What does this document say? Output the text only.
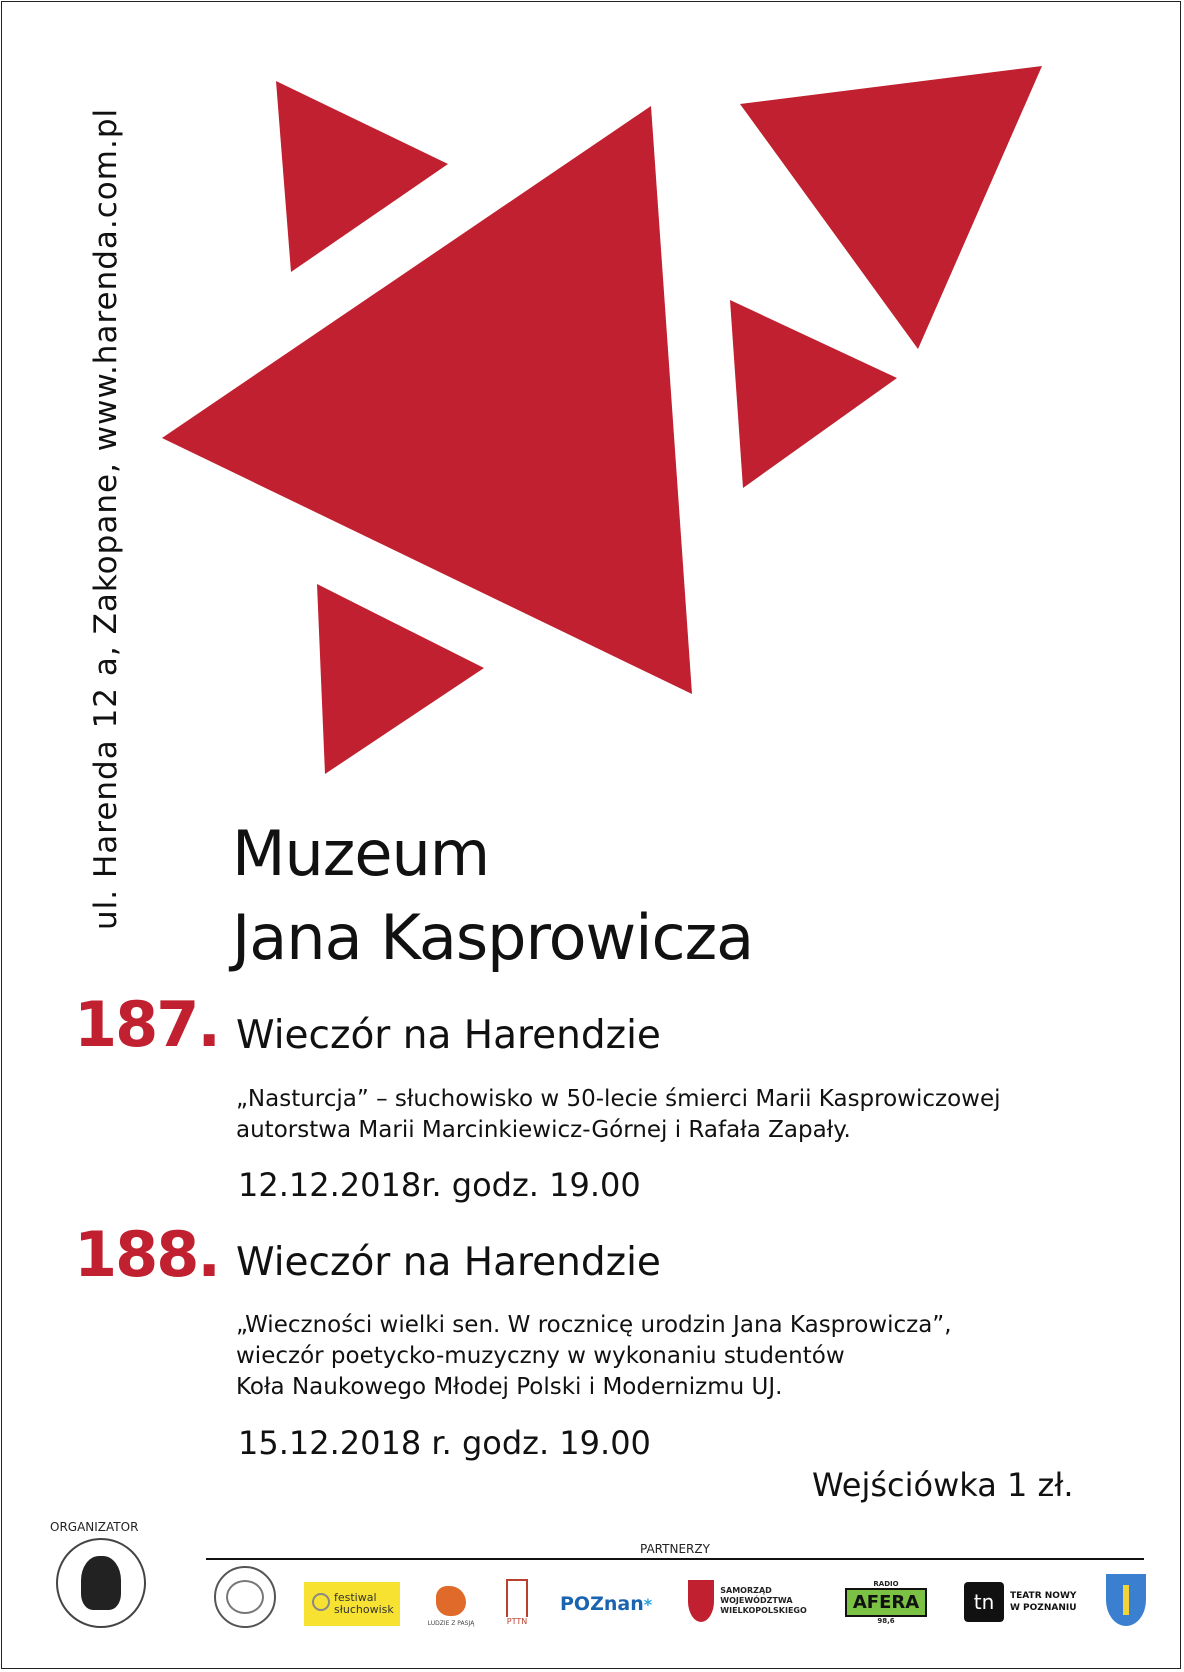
ul. Harenda 12 a, Zakopane, www.harenda.com.pl Muzeum
Jana Kasprowicza
187. Wieczór na Harendzie
„Nasturcja” – słuchowisko w 50-lecie śmierci Marii Kasprowiczowej
autorstwa Marii Marcinkiewicz-Górnej i Rafała Zapały.
12.12.2018r. godz. 19.00
188. Wieczór na Harendzie
„Wieczności wielki sen. W rocznicę urodzin Jana Kasprowicza”,
wieczór poetycko-muzyczny w wykonaniu studentów
Koła Naukowego Młodej Polski i Modernizmu UJ.
15.12.2018 r. godz. 19.00
Wejściówka 1 zł.
ORGANIZATOR
PARTNERZY
festiwal
słuchowisk
LUDZIE Z PASJĄ	PTTN
POZnan *
SAMORZĄD WOJEWÓDZTWA
WIELKOPOLSKIEGO
RADIO
AFERA
98,6
tn	TEATR NOWY
W POZNANIU
